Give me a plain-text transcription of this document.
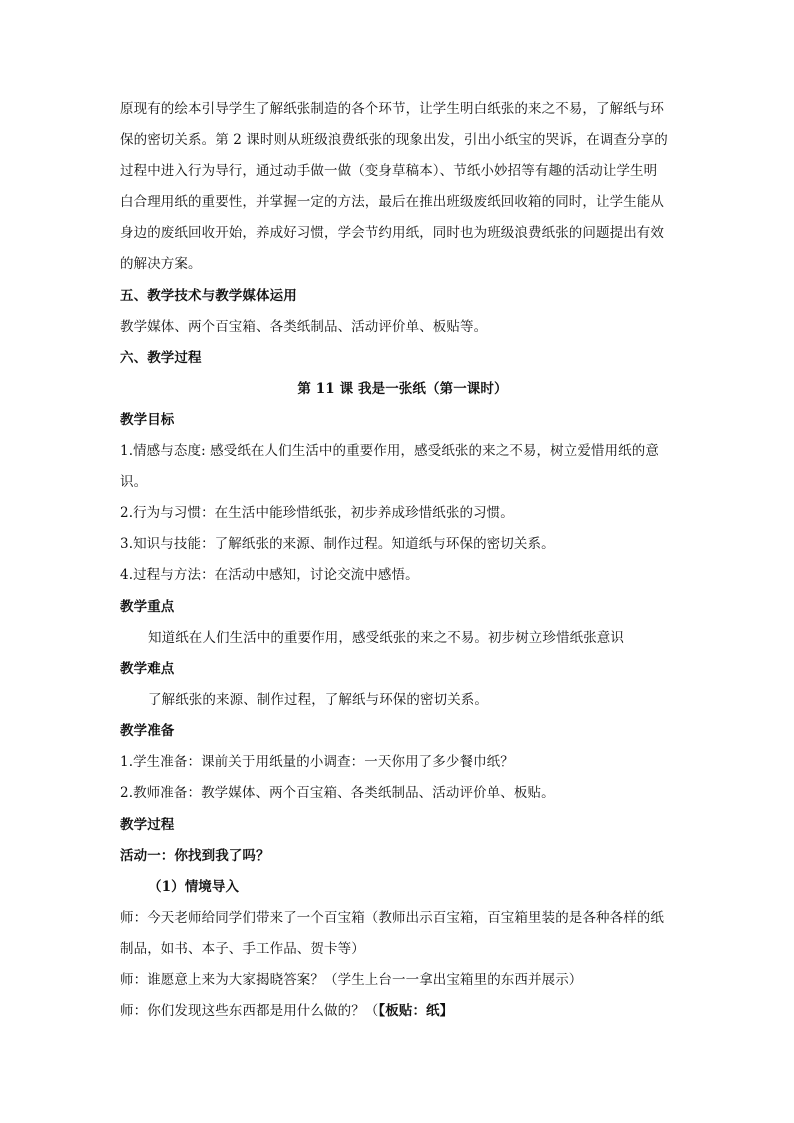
原现有的绘本引导学生了解纸张制造的各个环节，让学生明白纸张的来之不易，了解纸与环
保的密切关系。第 2 课时则从班级浪费纸张的现象出发，引出小纸宝的哭诉，在调查分享的
过程中进入行为导行，通过动手做一做（变身草稿本）、节纸小妙招等有趣的活动让学生明
白合理用纸的重要性，并掌握一定的方法，最后在推出班级废纸回收箱的同时，让学生能从
身边的废纸回收开始，养成好习惯，学会节约用纸，同时也为班级浪费纸张的问题提出有效
的解决方案。
五、教学技术与教学媒体运用
教学媒体、两个百宝箱、各类纸制品、活动评价单、板贴等。
六、教学过程
第 11 课 我是一张纸（第一课时）
教学目标
1.情感与态度: 感受纸在人们生活中的重要作用，感受纸张的来之不易，树立爱惜用纸的意
识。
2.行为与习惯：在生活中能珍惜纸张，初步养成珍惜纸张的习惯。
3.知识与技能：了解纸张的来源、制作过程。知道纸与环保的密切关系。
4.过程与方法：在活动中感知，讨论交流中感悟。
教学重点
知道纸在人们生活中的重要作用，感受纸张的来之不易。初步树立珍惜纸张意识
教学难点
了解纸张的来源、制作过程，了解纸与环保的密切关系。
教学准备
1.学生准备：课前关于用纸量的小调查：一天你用了多少餐巾纸？
2.教师准备：教学媒体、两个百宝箱、各类纸制品、活动评价单、板贴。
教学过程
活动一：你找到我了吗？
（1）情境导入
师：今天老师给同学们带来了一个百宝箱（教师出示百宝箱，百宝箱里装的是各种各样的纸
制品，如书、本子、手工作品、贺卡等）
师：谁愿意上来为大家揭晓答案？（学生上台一一拿出宝箱里的东西并展示）
师：你们发现这些东西都是用什么做的？（【板贴：纸】
